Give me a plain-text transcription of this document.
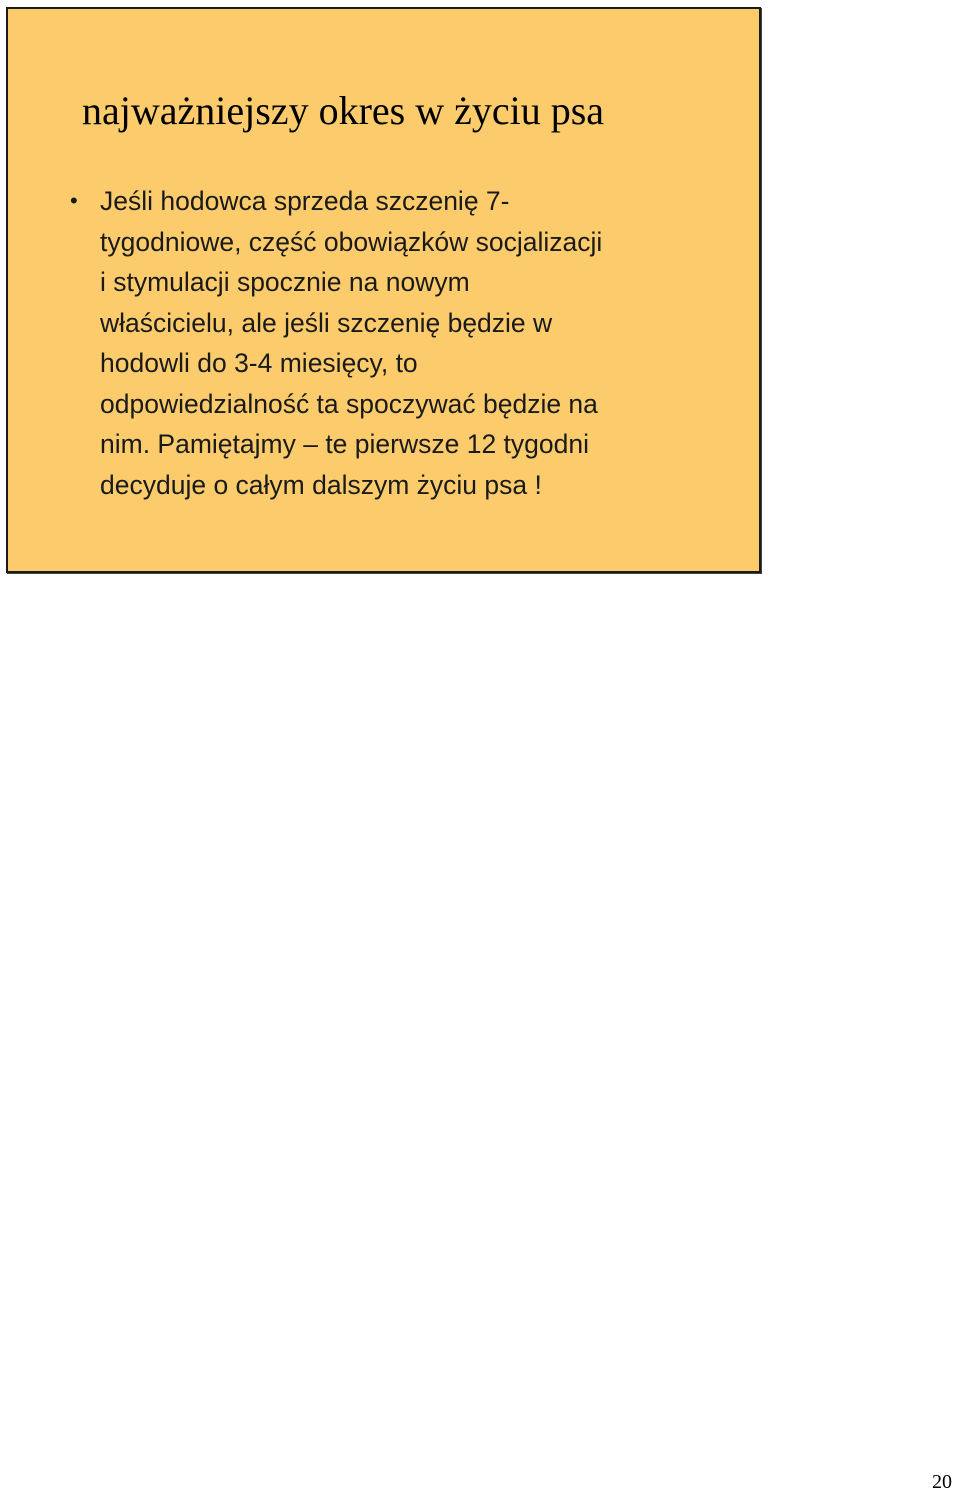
najważniejszy okres w życiu psa
• Jeśli hodowca sprzeda szczenię 7-
tygodniowe, część obowiązków socjalizacji
i stymulacji spocznie na nowym
właścicielu, ale jeśli szczenię będzie w
hodowli do 3-4 miesięcy, to
odpowiedzialność ta spoczywać będzie na
nim. Pamiętajmy – te pierwsze 12 tygodni
decyduje o całym dalszym życiu psa !
20
